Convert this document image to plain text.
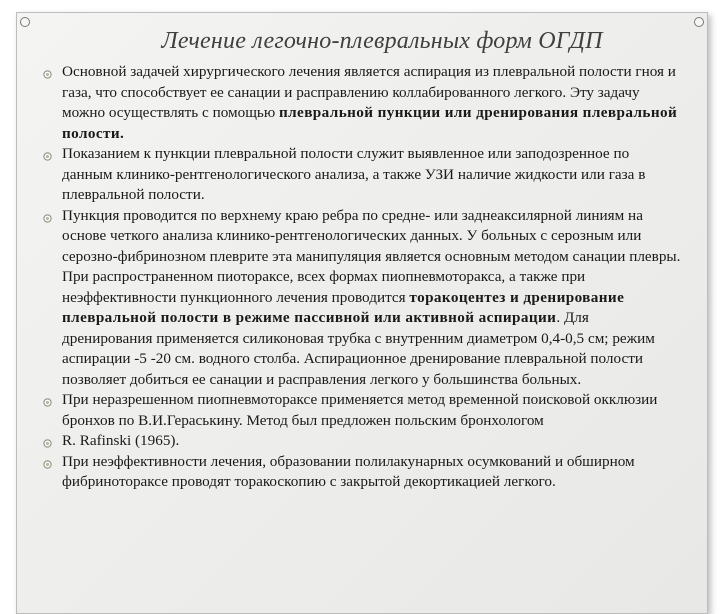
Лечение легочно-плевральных форм ОГДП
Основной задачей хирургического лечения является аспирация из плевральной полости гноя и газа, что способствует ее санации и расправлению коллабированного легкого. Эту задачу можно осуществлять с помощью плевральной пункции или дренирования плевральной полости.
Показанием к пункции плевральной полости служит выявленное или заподозренное по данным клинико-рентгенологического анализа, а также УЗИ наличие жидкости или газа в плевральной полости.
Пункция проводится по верхнему краю ребра по средне- или заднеаксилярной линиям на основе четкого анализа клинико-рентгенологических данных. У больных с серозным или серозно-фибринозном плеврите эта манипуляция является основным методом санации плевры. При распространенном пиотораксе, всех формах пиопневмоторакса, а также при неэффективности пункционного лечения проводится торакоцентез и дренирование плевральной полости в режиме пассивной или активной аспирации. Для дренирования применяется силиконовая трубка с внутренним диаметром 0,4-0,5 см; режим аспирации -5 -20 см. водного столба. Аспирационное дренирование плевральной полости позволяет добиться ее санации и расправления легкого у большинства больных.
При неразрешенном пиопневмотораксе применяется метод временной поисковой окклюзии бронхов по В.И.Гераськину. Метод был предложен польским бронхологом
R. Rafinski (1965).
При неэффективности лечения, образовании полилакунарных осумкований и обширном фибринотораксе проводят торакоскопию с закрытой декортикацией легкого.
